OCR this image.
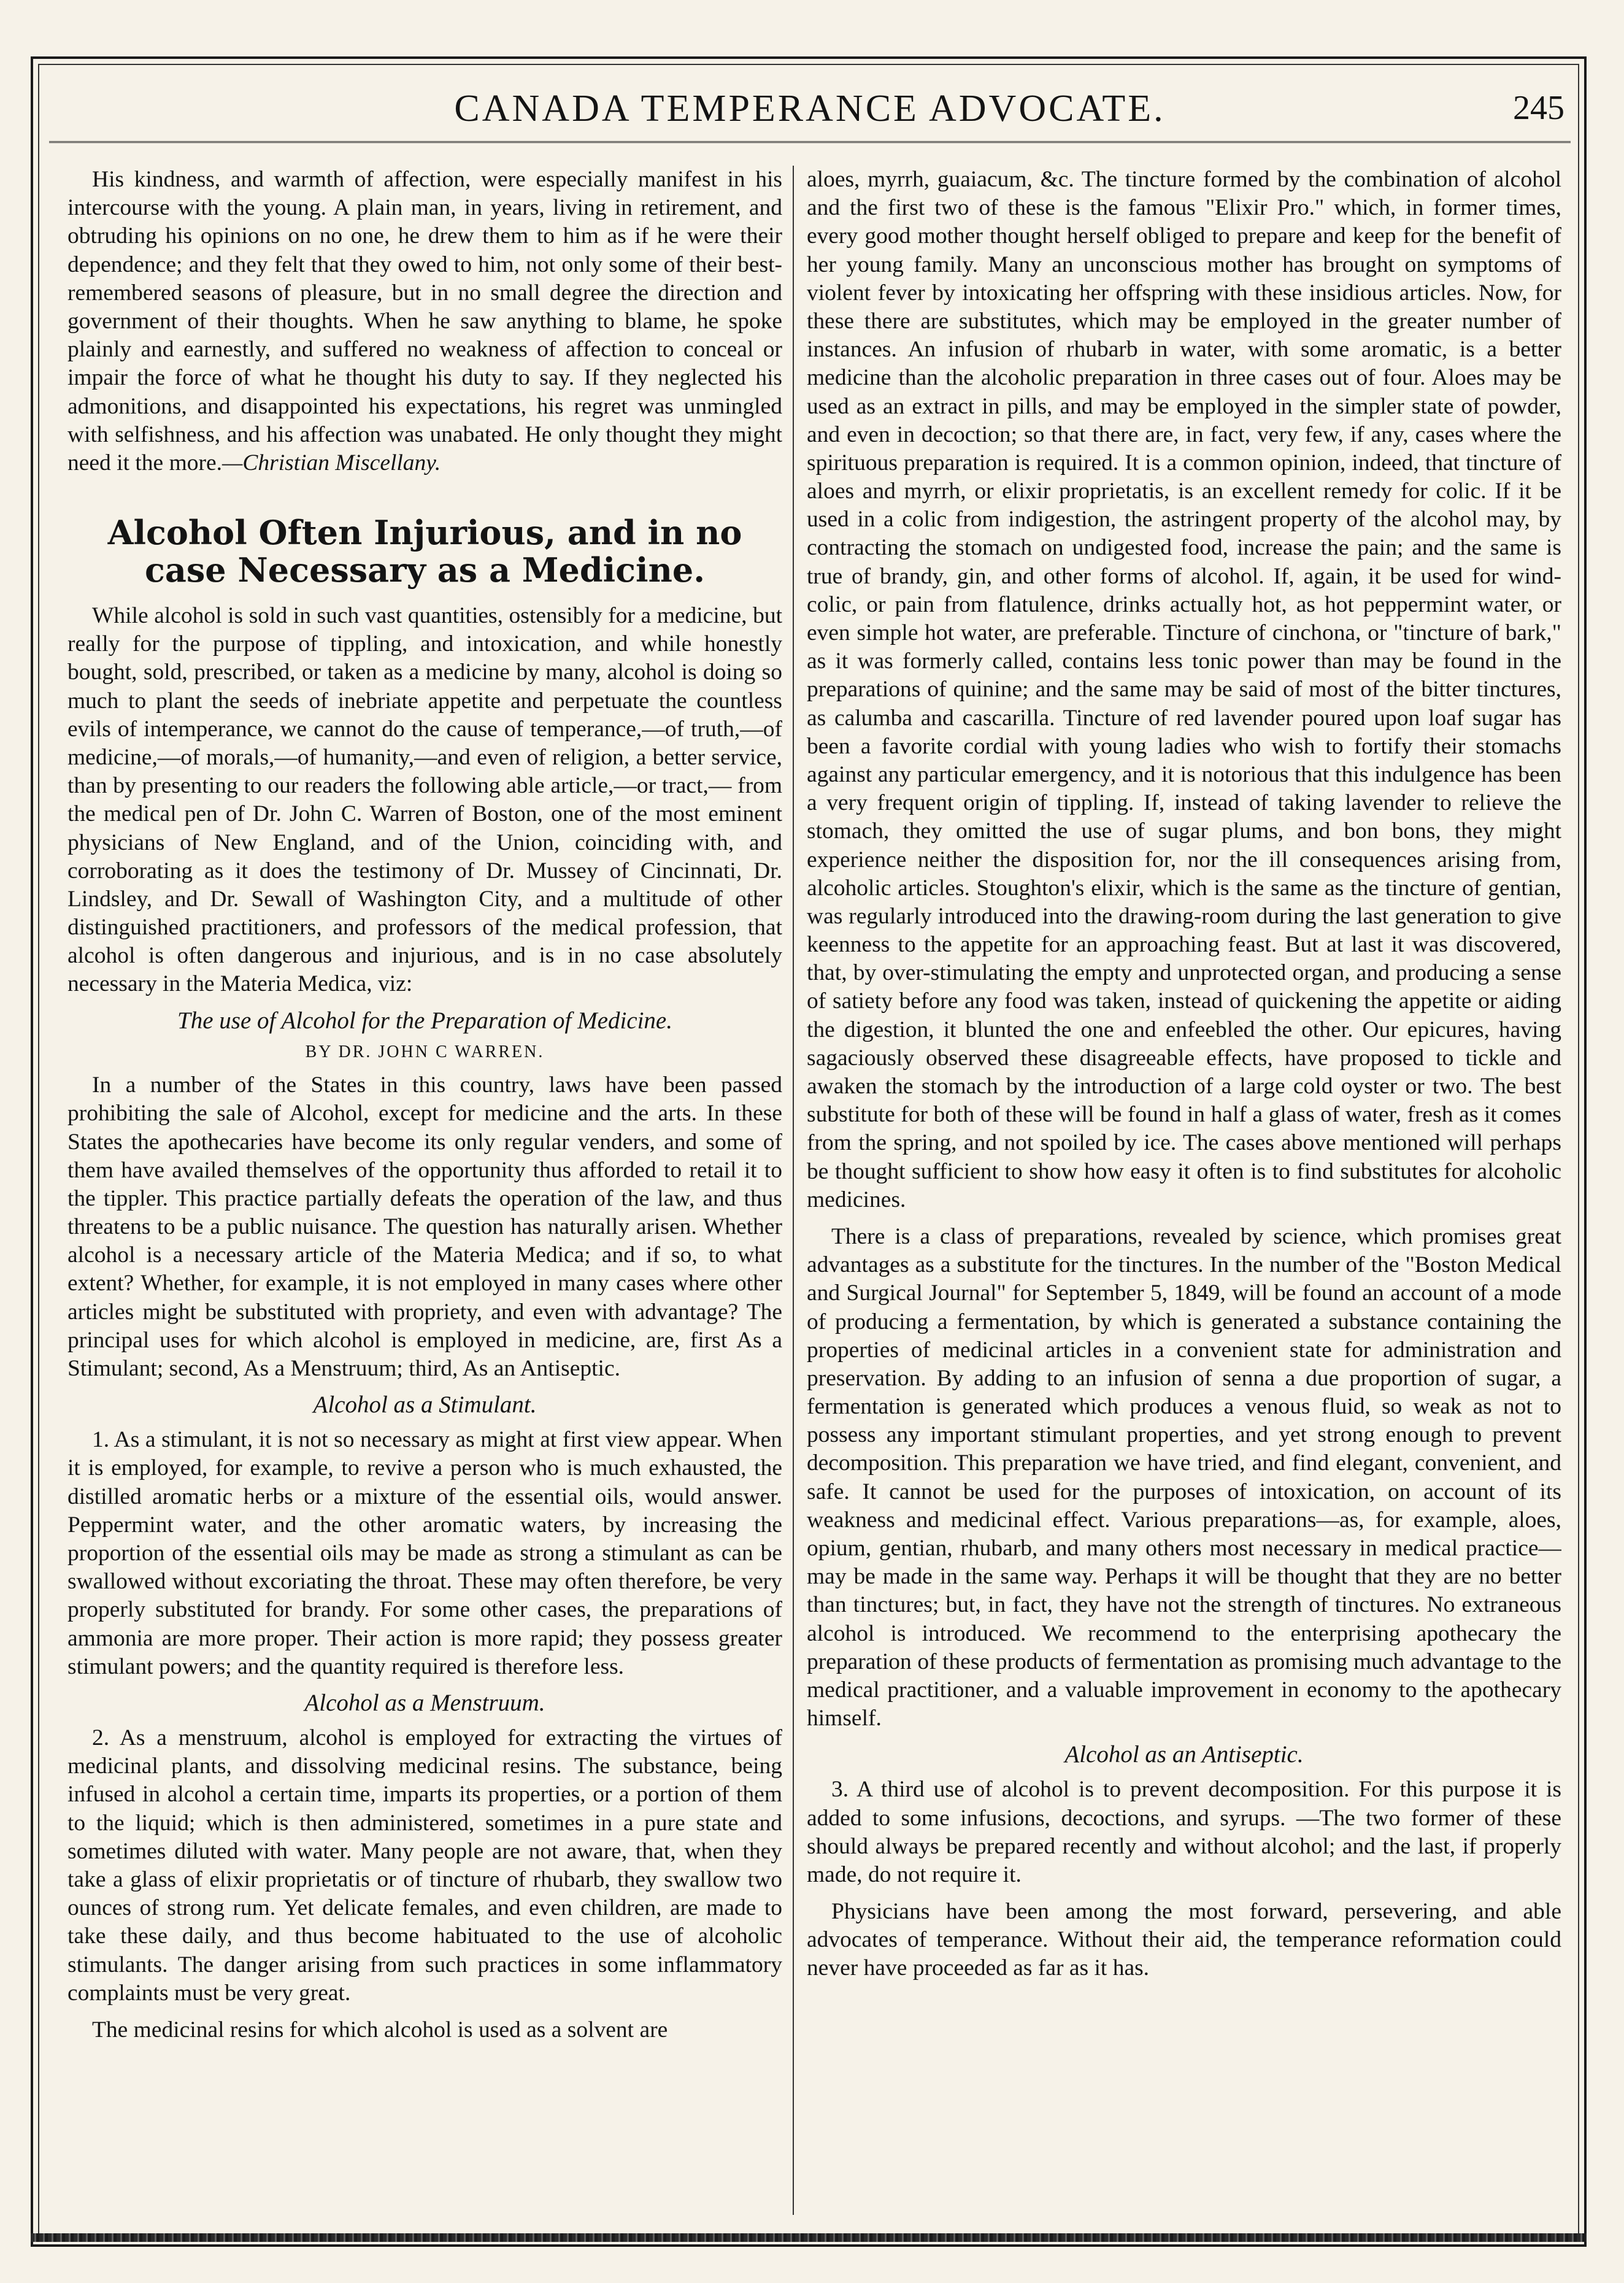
CANADA TEMPERANCE ADVOCATE.	245

His kindness, and warmth of affection, were especially manifest in his intercourse with the young. A plain man, in years, living in retirement, and obtruding his opinions on no one, he drew them to him as if he were their dependence; and they felt that they owed to him, not only some of their best-remembered seasons of pleasure, but in no small degree the direction and government of their thoughts. When he saw anything to blame, he spoke plainly and earnestly, and suffered no weakness of affection to conceal or impair the force of what he thought his duty to say. If they neglected his admonitions, and disappointed his expectations, his regret was unmingled with selfishness, and his affection was unabated. He only thought they might need it the more.—Christian Miscellany.

Alcohol Often Injurious, and in no case Necessary as a Medicine.

While alcohol is sold in such vast quantities, ostensibly for a medicine, but really for the purpose of tippling, and intoxication, and while honestly bought, sold, prescribed, or taken as a medicine by many, alcohol is doing so much to plant the seeds of inebriate appetite and perpetuate the countless evils of intemperance, we cannot do the cause of temperance,—of truth,—of medicine,—of morals,—of humanity,—and even of religion, a better service, than by presenting to our readers the following able article,—or tract,— from the medical pen of Dr. John C. Warren of Boston, one of the most eminent physicians of New England, and of the Union, coinciding with, and corroborating as it does the testimony of Dr. Mussey of Cincinnati, Dr. Lindsley, and Dr. Sewall of Washington City, and a multitude of other distinguished practitioners, and professors of the medical profession, that alcohol is often dangerous and injurious, and is in no case absolutely necessary in the Materia Medica, viz:

The use of Alcohol for the Preparation of Medicine.
BY DR. JOHN C WARREN.

In a number of the States in this country, laws have been passed prohibiting the sale of Alcohol, except for medicine and the arts. In these States the apothecaries have become its only regular venders, and some of them have availed themselves of the opportunity thus afforded to retail it to the tippler. This practice partially defeats the operation of the law, and thus threatens to be a public nuisance. The question has naturally arisen. Whether alcohol is a necessary article of the Materia Medica; and if so, to what extent? Whether, for example, it is not employed in many cases where other articles might be substituted with propriety, and even with advantage? The principal uses for which alcohol is employed in medicine, are, first As a Stimulant; second, As a Menstruum; third, As an Antiseptic.

Alcohol as a Stimulant.

1. As a stimulant, it is not so necessary as might at first view appear. When it is employed, for example, to revive a person who is much exhausted, the distilled aromatic herbs or a mixture of the essential oils, would answer. Peppermint water, and the other aromatic waters, by increasing the proportion of the essential oils may be made as strong a stimulant as can be swallowed without excoriating the throat. These may often therefore, be very properly substituted for brandy. For some other cases, the preparations of ammonia are more proper. Their action is more rapid; they possess greater stimulant powers; and the quantity required is therefore less.

Alcohol as a Menstruum.

2. As a menstruum, alcohol is employed for extracting the virtues of medicinal plants, and dissolving medicinal resins. The substance, being infused in alcohol a certain time, imparts its properties, or a portion of them to the liquid; which is then administered, sometimes in a pure state and sometimes diluted with water. Many people are not aware, that, when they take a glass of elixir proprietatis or of tincture of rhubarb, they swallow two ounces of strong rum. Yet delicate females, and even children, are made to take these daily, and thus become habituated to the use of alcoholic stimulants. The danger arising from such practices in some inflammatory complaints must be very great.

The medicinal resins for which alcohol is used as a solvent are

aloes, myrrh, guaiacum, &c. The tincture formed by the combination of alcohol and the first two of these is the famous "Elixir Pro." which, in former times, every good mother thought herself obliged to prepare and keep for the benefit of her young family. Many an unconscious mother has brought on symptoms of violent fever by intoxicating her offspring with these insidious articles. Now, for these there are substitutes, which may be employed in the greater number of instances. An infusion of rhubarb in water, with some aromatic, is a better medicine than the alcoholic preparation in three cases out of four. Aloes may be used as an extract in pills, and may be employed in the simpler state of powder, and even in decoction; so that there are, in fact, very few, if any, cases where the spirituous preparation is required. It is a common opinion, indeed, that tincture of aloes and myrrh, or elixir proprietatis, is an excellent remedy for colic. If it be used in a colic from indigestion, the astringent property of the alcohol may, by contracting the stomach on undigested food, increase the pain; and the same is true of brandy, gin, and other forms of alcohol. If, again, it be used for wind-colic, or pain from flatulence, drinks actually hot, as hot peppermint water, or even simple hot water, are preferable. Tincture of cinchona, or "tincture of bark," as it was formerly called, contains less tonic power than may be found in the preparations of quinine; and the same may be said of most of the bitter tinctures, as calumba and cascarilla. Tincture of red lavender poured upon loaf sugar has been a favorite cordial with young ladies who wish to fortify their stomachs against any particular emergency, and it is notorious that this indulgence has been a very frequent origin of tippling. If, instead of taking lavender to relieve the stomach, they omitted the use of sugar plums, and bon bons, they might experience neither the disposition for, nor the ill consequences arising from, alcoholic articles. Stoughton's elixir, which is the same as the tincture of gentian, was regularly introduced into the drawing-room during the last generation to give keenness to the appetite for an approaching feast. But at last it was discovered, that, by over-stimulating the empty and unprotected organ, and producing a sense of satiety before any food was taken, instead of quickening the appetite or aiding the digestion, it blunted the one and enfeebled the other. Our epicures, having sagaciously observed these disagreeable effects, have proposed to tickle and awaken the stomach by the introduction of a large cold oyster or two. The best substitute for both of these will be found in half a glass of water, fresh as it comes from the spring, and not spoiled by ice. The cases above mentioned will perhaps be thought sufficient to show how easy it often is to find substitutes for alcoholic medicines.

There is a class of preparations, revealed by science, which promises great advantages as a substitute for the tinctures. In the number of the "Boston Medical and Surgical Journal" for September 5, 1849, will be found an account of a mode of producing a fermentation, by which is generated a substance containing the properties of medicinal articles in a convenient state for administration and preservation. By adding to an infusion of senna a due proportion of sugar, a fermentation is generated which produces a venous fluid, so weak as not to possess any important stimulant properties, and yet strong enough to prevent decomposition. This preparation we have tried, and find elegant, convenient, and safe. It cannot be used for the purposes of intoxication, on account of its weakness and medicinal effect. Various preparations—as, for example, aloes, opium, gentian, rhubarb, and many others most necessary in medical practice—may be made in the same way. Perhaps it will be thought that they are no better than tinctures; but, in fact, they have not the strength of tinctures. No extraneous alcohol is introduced. We recommend to the enterprising apothecary the preparation of these products of fermentation as promising much advantage to the medical practitioner, and a valuable improvement in economy to the apothecary himself.

Alcohol as an Antiseptic.

3. A third use of alcohol is to prevent decomposition. For this purpose it is added to some infusions, decoctions, and syrups. —The two former of these should always be prepared recently and without alcohol; and the last, if properly made, do not require it.

Physicians have been among the most forward, persevering, and able advocates of temperance. Without their aid, the temperance reformation could never have proceeded as far as it has.
